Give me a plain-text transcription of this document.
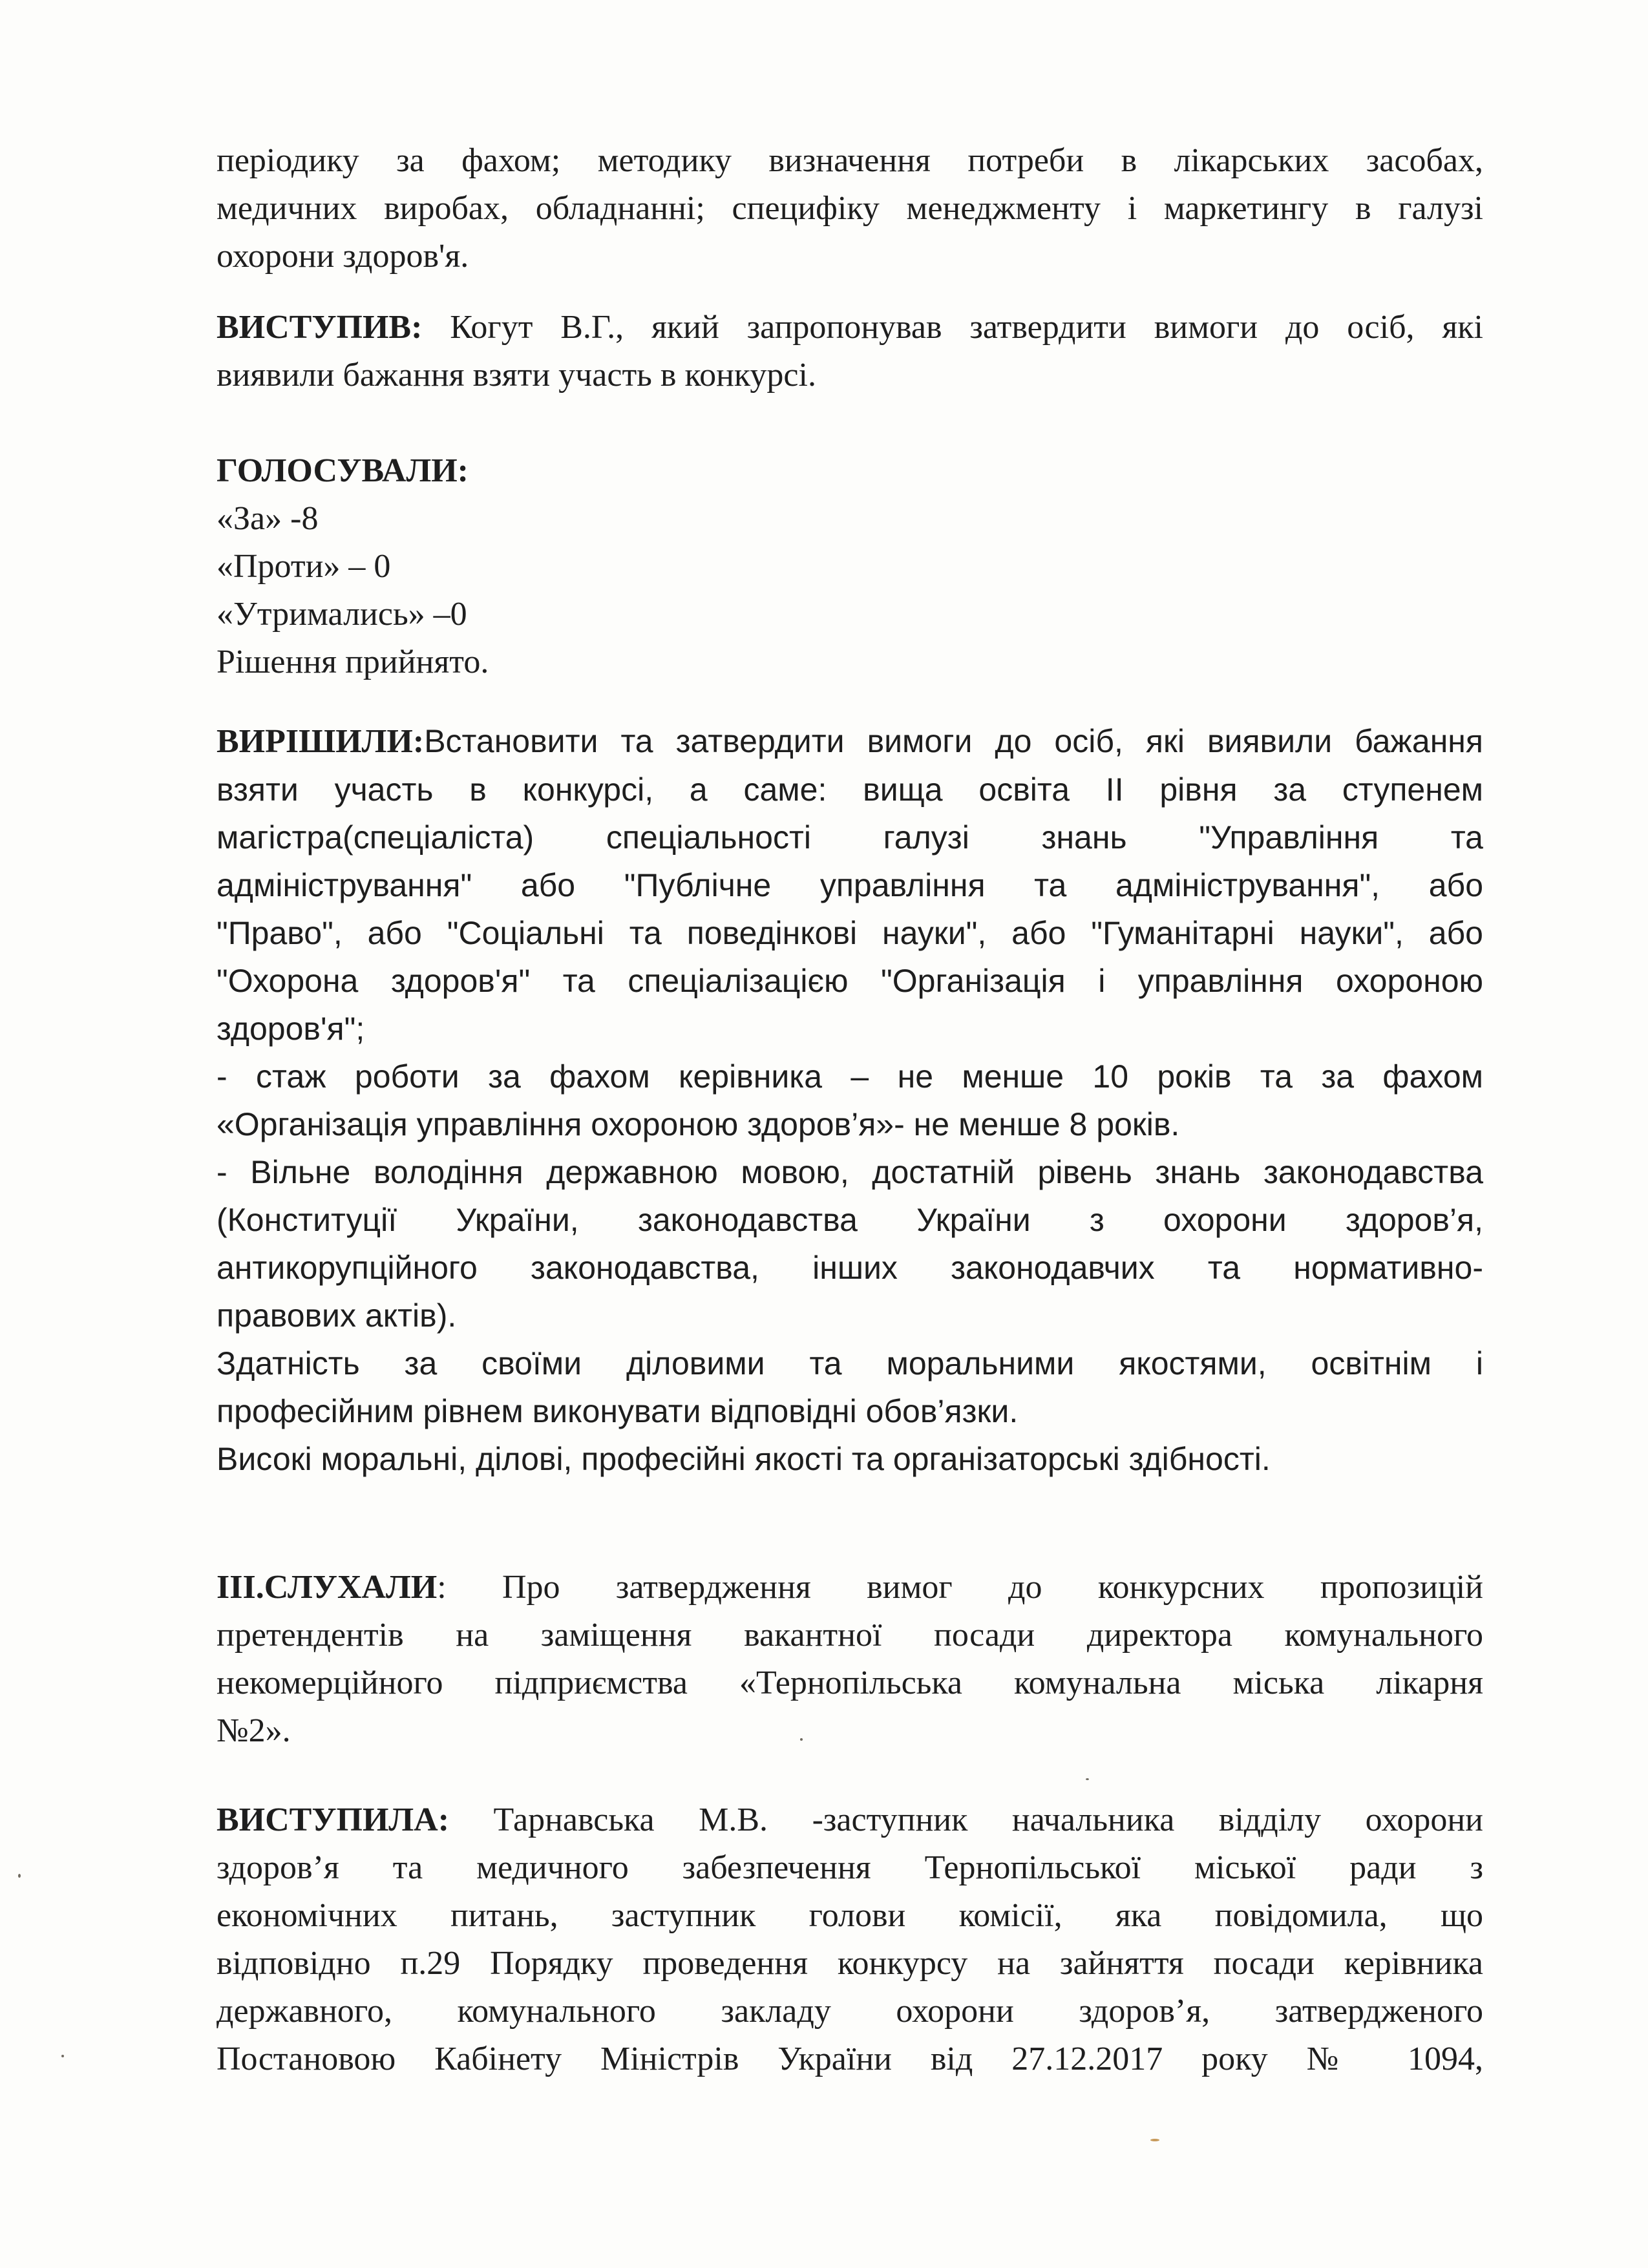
періодику за фахом; методику визначення потреби в лікарських засобах,
медичних виробах, обладнанні; специфіку менеджменту і маркетингу в галузі
охорони здоров'я.
ВИСТУПИВ: Когут В.Г., який запропонував затвердити вимоги до осіб, які
виявили бажання взяти участь в конкурсі.
ГОЛОСУВАЛИ:
«За» -8
«Проти» – 0
«Утримались» –0
Рішення прийнято.
ВИРІШИЛИ:Встановити та затвердити вимоги до осіб, які виявили бажання
взяти участь в конкурсі, а саме: вища освіта ІІ рівня за ступенем
магістра(спеціаліста) спеціальності галузі знань "Управління та
адміністрування" або "Публічне управління та адміністрування", або
"Право", або "Соціальні та поведінкові науки", або "Гуманітарні науки", або
"Охорона здоров'я" та спеціалізацією "Організація і управління охороною
здоров'я";
- стаж роботи за фахом керівника – не менше 10 років та за фахом
«Організація управління охороною здоров’я»- не менше 8 років.
- Вільне володіння державною мовою, достатній рівень знань законодавства
(Конституції України, законодавства України з охорони здоров’я,
антикорупційного законодавства, інших законодавчих та нормативно-
правових актів).
Здатність за своїми діловими та моральними якостями, освітнім і
професійним рівнем виконувати відповідні обов’язки.
Високі моральні, ділові, професійні якості та організаторські здібності.
ІІІ.СЛУХАЛИ: Про затвердження вимог до конкурсних пропозицій
претендентів на заміщення вакантної посади директора комунального
некомерційного підприємства «Тернопільська комунальна міська лікарня
№2».
ВИСТУПИЛА: Тарнавська М.В. -заступник начальника відділу охорони
здоров’я та медичного забезпечення Тернопільської міської ради з
економічних питань, заступник голови комісії, яка повідомила, що
відповідно п.29 Порядку проведення конкурсу на зайняття посади керівника
державного, комунального закладу охорони здоров’я, затвердженого
Постановою Кабінету Міністрів України від 27.12.2017 року № 1094,
